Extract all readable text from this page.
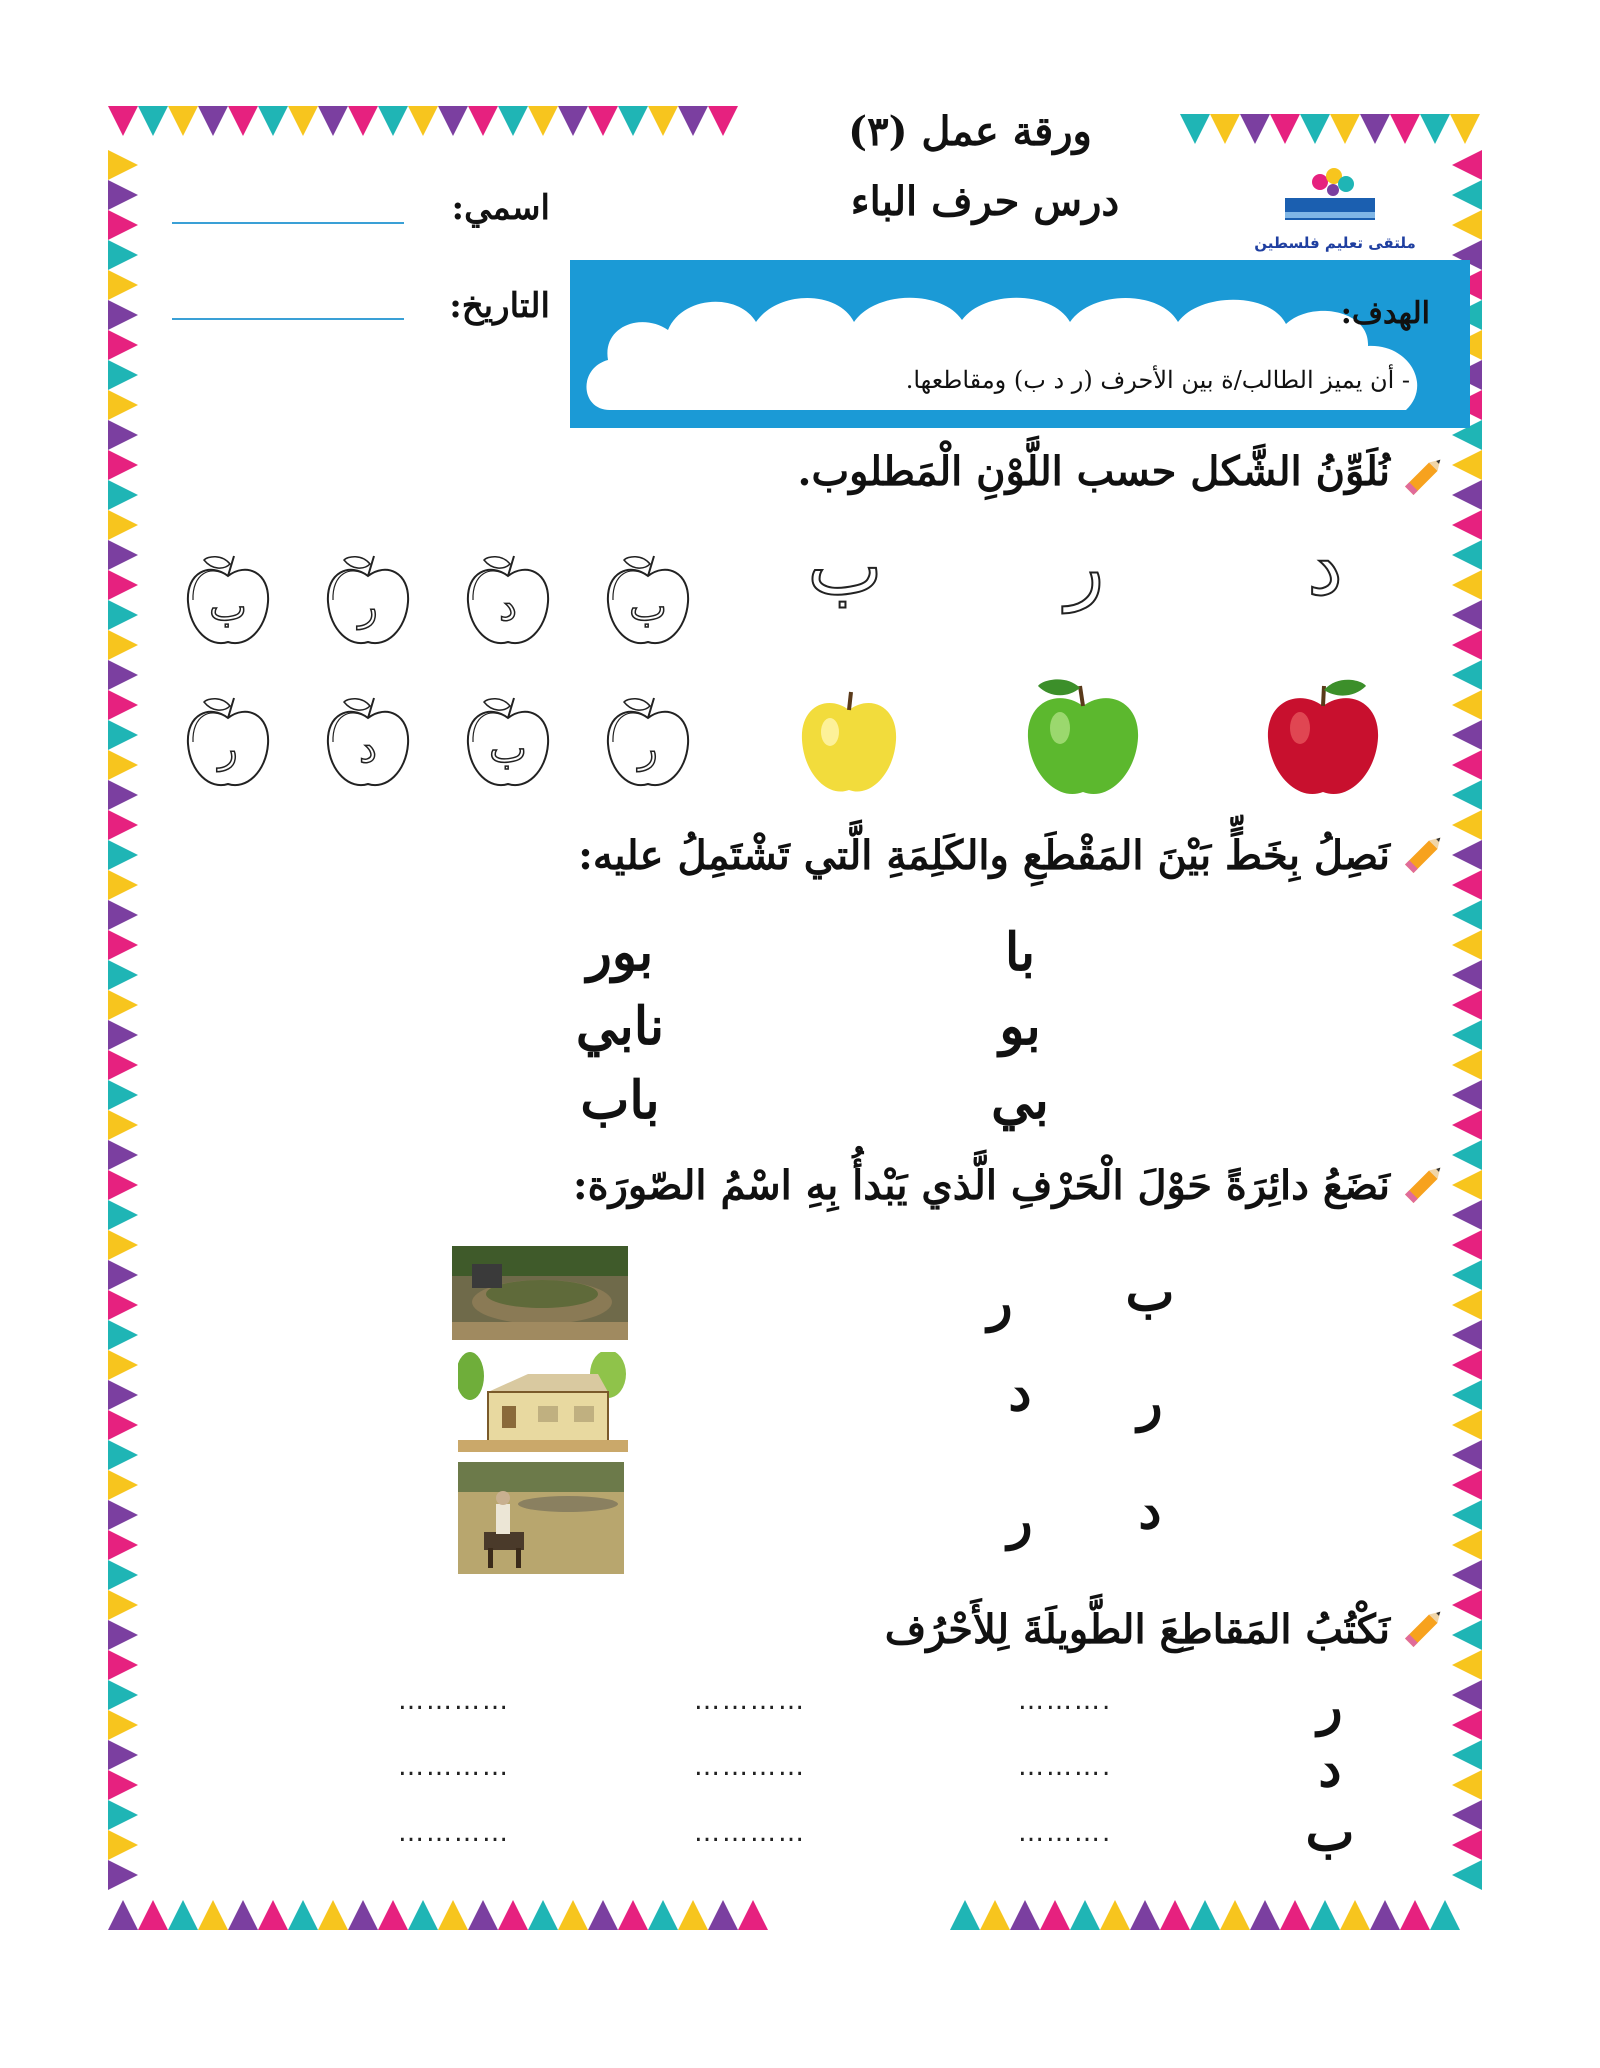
ورقة عمل (٣)
درس حرف الباء
ملتقى تعليم فلسطين
اسمي:
التاريخ:	الهدف:
- أن يميز الطالب/ة بين الأحرف (ر د ب) ومقاطعها.
نُلَوِّنُ الشَّكل حسب اللَّوْنِ الْمَطلوب.
د
ر
ب
ب
ر
د
ب
ر
د
ب
ر
نَصِلُ بِخَطٍّ بَيْنَ المَقْطَعِ والكَلِمَةِ الَّتي تَشْتَمِلُ عليه:
با
بو
بي
بور
نابي
باب
نَضَعُ دائِرَةً حَوْلَ الْحَرْفِ الَّذي يَبْدأُ بِهِ اسْمُ الصّورَة:
ب
ر
ر
د
د
ر
نَكْتُبُ المَقاطِعَ الطَّويلَةَ لِلأَحْرُف
ر
د
ب
……….
…………
…………
……….
…………
…………
……….
…………
…………
